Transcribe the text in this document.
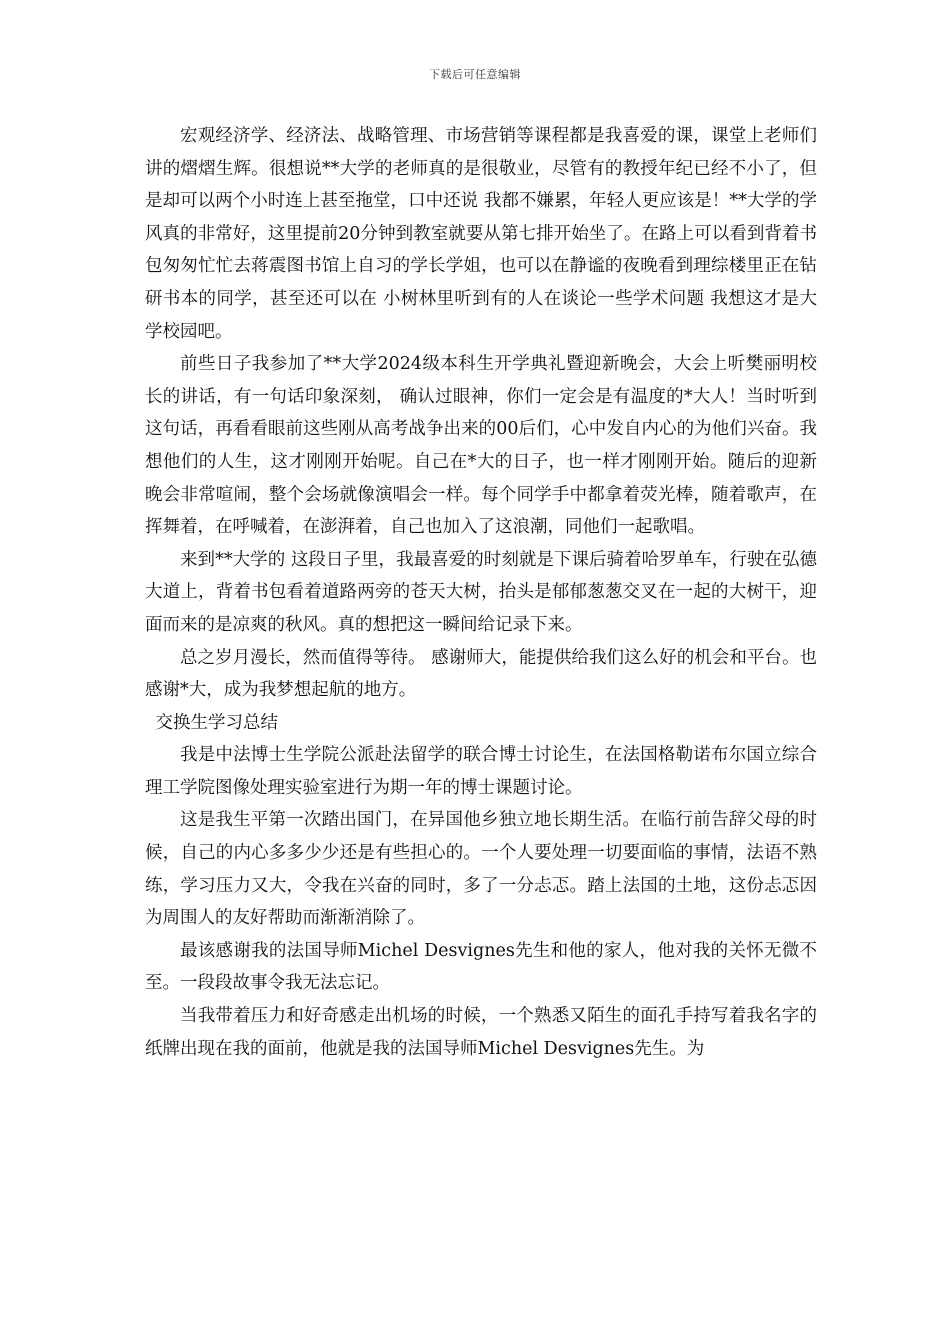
下载后可任意编辑

宏观经济学、经济法、战略管理、市场营销等课程都是我喜爱的课，课堂上老师们讲的熠熠生辉。很想说**大学的老师真的是很敬业，尽管有的教授年纪已经不小了，但是却可以两个小时连上甚至拖堂，口中还说 我都不嫌累，年轻人更应该是！**大学的学风真的非常好，这里提前20分钟到教室就要从第七排开始坐了。在路上可以看到背着书包匆匆忙忙去蒋震图书馆上自习的学长学姐，也可以在静谧的夜晚看到理综楼里正在钻研书本的同学，甚至还可以在 小树林里听到有的人在谈论一些学术问题 我想这才是大学校园吧。

前些日子我参加了**大学2024级本科生开学典礼暨迎新晚会，大会上听樊丽明校长的讲话，有一句话印象深刻， 确认过眼神，你们一定会是有温度的*大人！当时听到这句话，再看看眼前这些刚从高考战争出来的00后们，心中发自内心的为他们兴奋。我想他们的人生，这才刚刚开始呢。自己在*大的日子，也一样才刚刚开始。随后的迎新晚会非常喧闹，整个会场就像演唱会一样。每个同学手中都拿着荧光棒，随着歌声，在挥舞着，在呼喊着，在澎湃着，自己也加入了这浪潮，同他们一起歌唱。

来到**大学的 这段日子里，我最喜爱的时刻就是下课后骑着哈罗单车，行驶在弘德大道上，背着书包看着道路两旁的苍天大树，抬头是郁郁葱葱交叉在一起的大树干，迎面而来的是凉爽的秋风。真的想把这一瞬间给记录下来。

总之岁月漫长，然而值得等待。 感谢师大，能提供给我们这么好的机会和平台。也感谢*大，成为我梦想起航的地方。

交换生学习总结

我是中法博士生学院公派赴法留学的联合博士讨论生，在法国格勒诺布尔国立综合理工学院图像处理实验室进行为期一年的博士课题讨论。

这是我生平第一次踏出国门，在异国他乡独立地长期生活。在临行前告辞父母的时候，自己的内心多多少少还是有些担心的。一个人要处理一切要面临的事情，法语不熟练，学习压力又大，令我在兴奋的同时，多了一分忐忑。踏上法国的土地，这份忐忑因为周围人的友好帮助而渐渐消除了。

最该感谢我的法国导师Michel Desvignes先生和他的家人，他对我的关怀无微不至。一段段故事令我无法忘记。

当我带着压力和好奇感走出机场的时候，一个熟悉又陌生的面孔手持写着我名字的纸牌出现在我的面前，他就是我的法国导师Michel Desvignes先生。为
